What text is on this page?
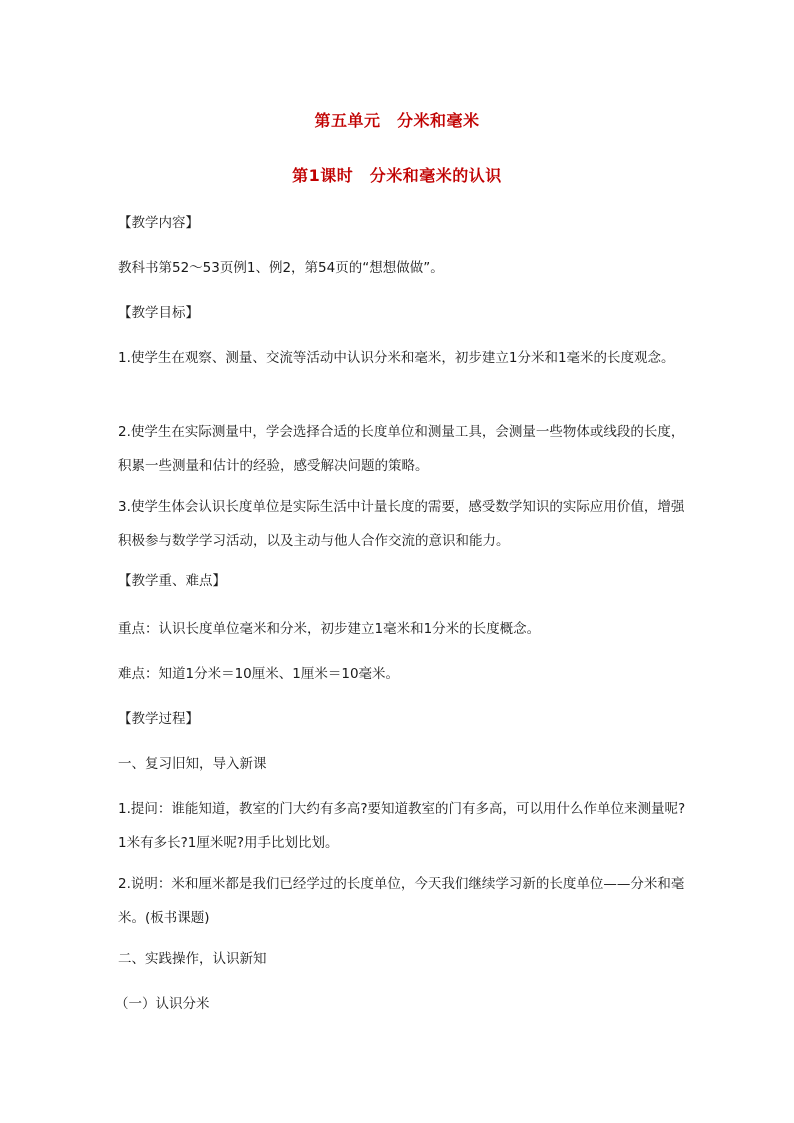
第五单元　分米和毫米
第1课时　分米和毫米的认识
【教学内容】
教科书第52～53页例1、例2，第54页的“想想做做”。
【教学目标】
1.使学生在观察、测量、交流等活动中认识分米和毫米，初步建立1分米和1毫米的长度观念。
2.使学生在实际测量中，学会选择合适的长度单位和测量工具，会测量一些物体或线段的长度，积累一些测量和估计的经验，感受解决问题的策略。
3.使学生体会认识长度单位是实际生活中计量长度的需要，感受数学知识的实际应用价值，增强积极参与数学学习活动，以及主动与他人合作交流的意识和能力。
【教学重、难点】
重点：认识长度单位毫米和分米，初步建立1毫米和1分米的长度概念。
难点：知道1分米＝10厘米、1厘米＝10毫米。
【教学过程】
一、复习旧知，导入新课
1.提问：谁能知道，教室的门大约有多高?要知道教室的门有多高，可以用什么作单位来测量呢?1米有多长?1厘米呢?用手比划比划。
2.说明：米和厘米都是我们已经学过的长度单位，今天我们继续学习新的长度单位——分米和毫米。(板书课题)
二、实践操作，认识新知
（一）认识分米
